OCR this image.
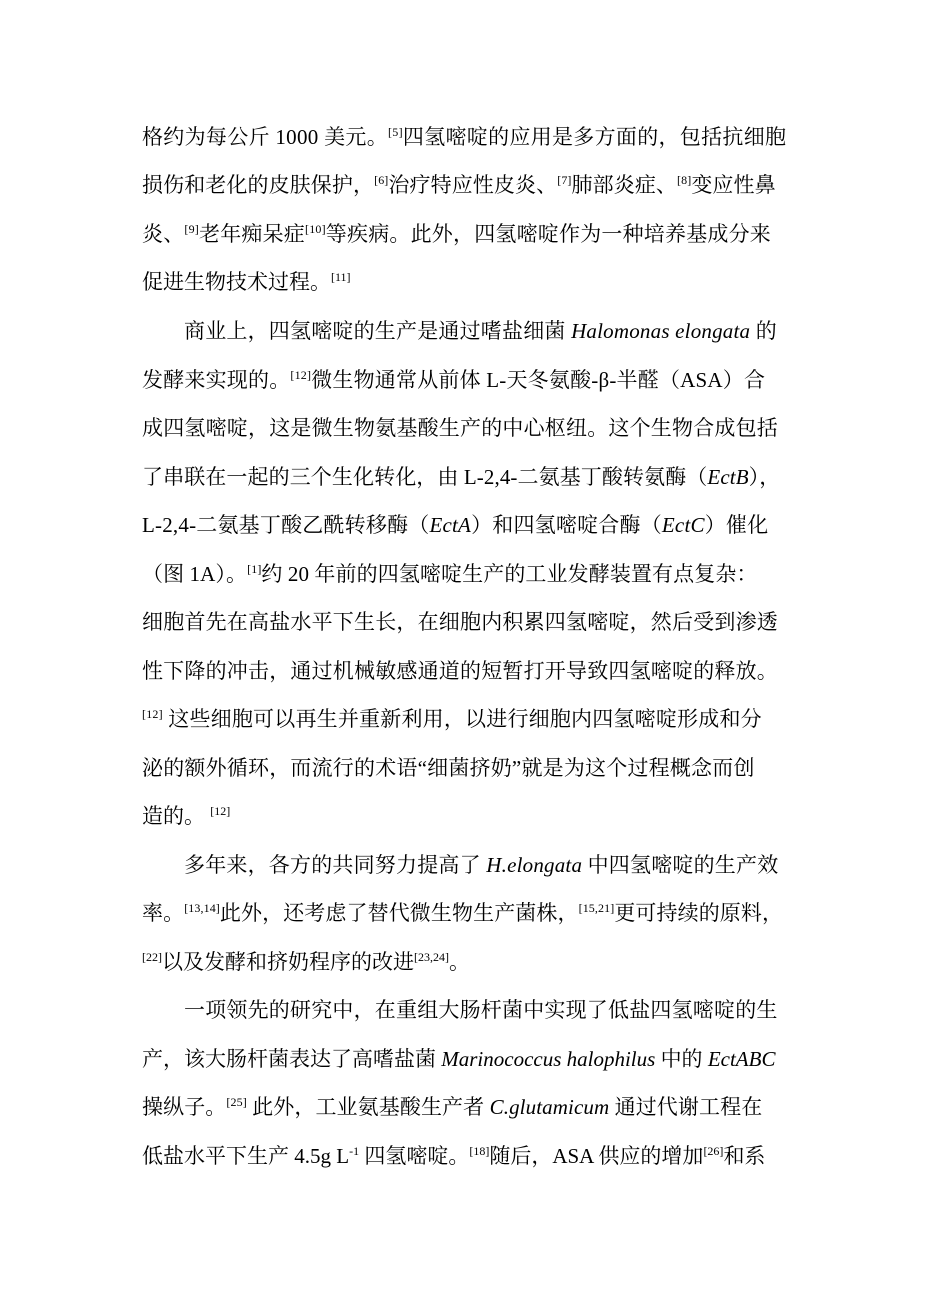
格约为每公斤 1000 美元。[5]四氢嘧啶的应用是多方面的，包括抗细胞
损伤和老化的皮肤保护，[6]治疗特应性皮炎、[7]肺部炎症、[8]变应性鼻
炎、[9]老年痴呆症[10]等疾病。此外，四氢嘧啶作为一种培养基成分来
促进生物技术过程。[11]
商业上，四氢嘧啶的生产是通过嗜盐细菌 Halomonas elongata 的
发酵来实现的。[12]微生物通常从前体 L-天冬氨酸-β-半醛（ASA）合
成四氢嘧啶，这是微生物氨基酸生产的中心枢纽。这个生物合成包括
了串联在一起的三个生化转化，由 L-2,4-二氨基丁酸转氨酶（EctB），
L-2,4-二氨基丁酸乙酰转移酶（EctA）和四氢嘧啶合酶（EctC）催化
（图 1A）。[1]约 20 年前的四氢嘧啶生产的工业发酵装置有点复杂：
细胞首先在高盐水平下生长，在细胞内积累四氢嘧啶，然后受到渗透
性下降的冲击，通过机械敏感通道的短暂打开导致四氢嘧啶的释放。
[12] 这些细胞可以再生并重新利用，以进行细胞内四氢嘧啶形成和分
泌的额外循环，而流行的术语“细菌挤奶”就是为这个过程概念而创
造的。 [12]
多年来，各方的共同努力提高了 H.elongata 中四氢嘧啶的生产效
率。[13,14]此外，还考虑了替代微生物生产菌株，[15,21]更可持续的原料，
[22]以及发酵和挤奶程序的改进[23,24]。
一项领先的研究中，在重组大肠杆菌中实现了低盐四氢嘧啶的生
产，该大肠杆菌表达了高嗜盐菌 Marinococcus halophilus 中的 EctABC
操纵子。[25] 此外，工业氨基酸生产者 C.glutamicum 通过代谢工程在
低盐水平下生产 4.5g $L^{-1}$ 四氢嘧啶。[18]随后，ASA 供应的增加[26]和系
